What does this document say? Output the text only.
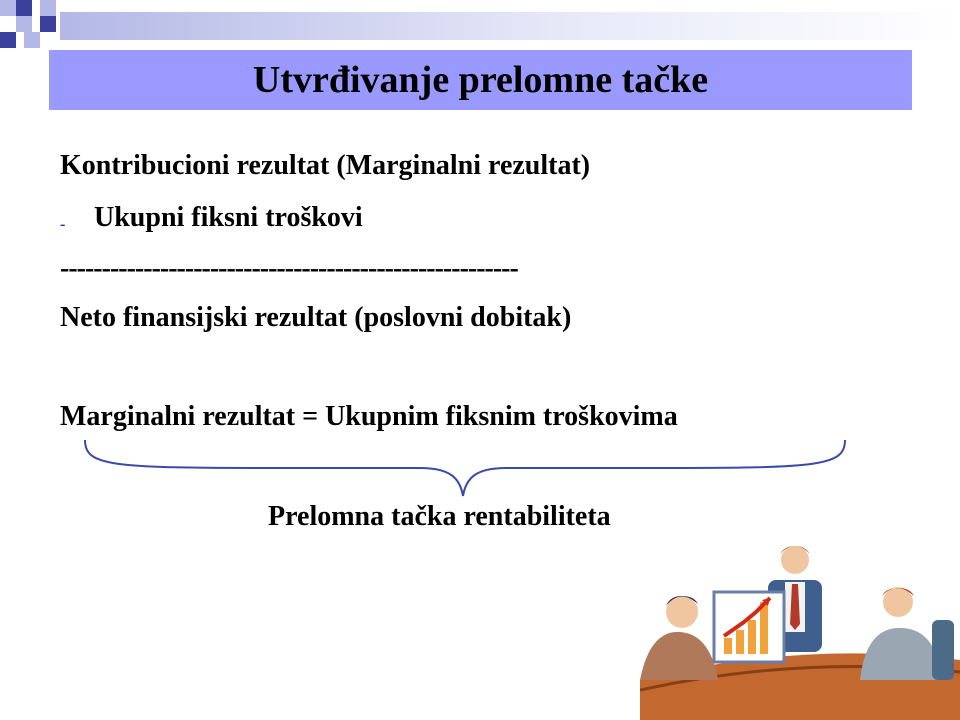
Utvrđivanje prelomne tačke
Kontribucioni rezultat (Marginalni rezultat)
- Ukupni fiksni troškovi
-------------------------------------------------------
Neto finansijski rezultat (poslovni dobitak)
Marginalni rezultat = Ukupnim fiksnim troškovima
Prelomna tačka rentabiliteta
